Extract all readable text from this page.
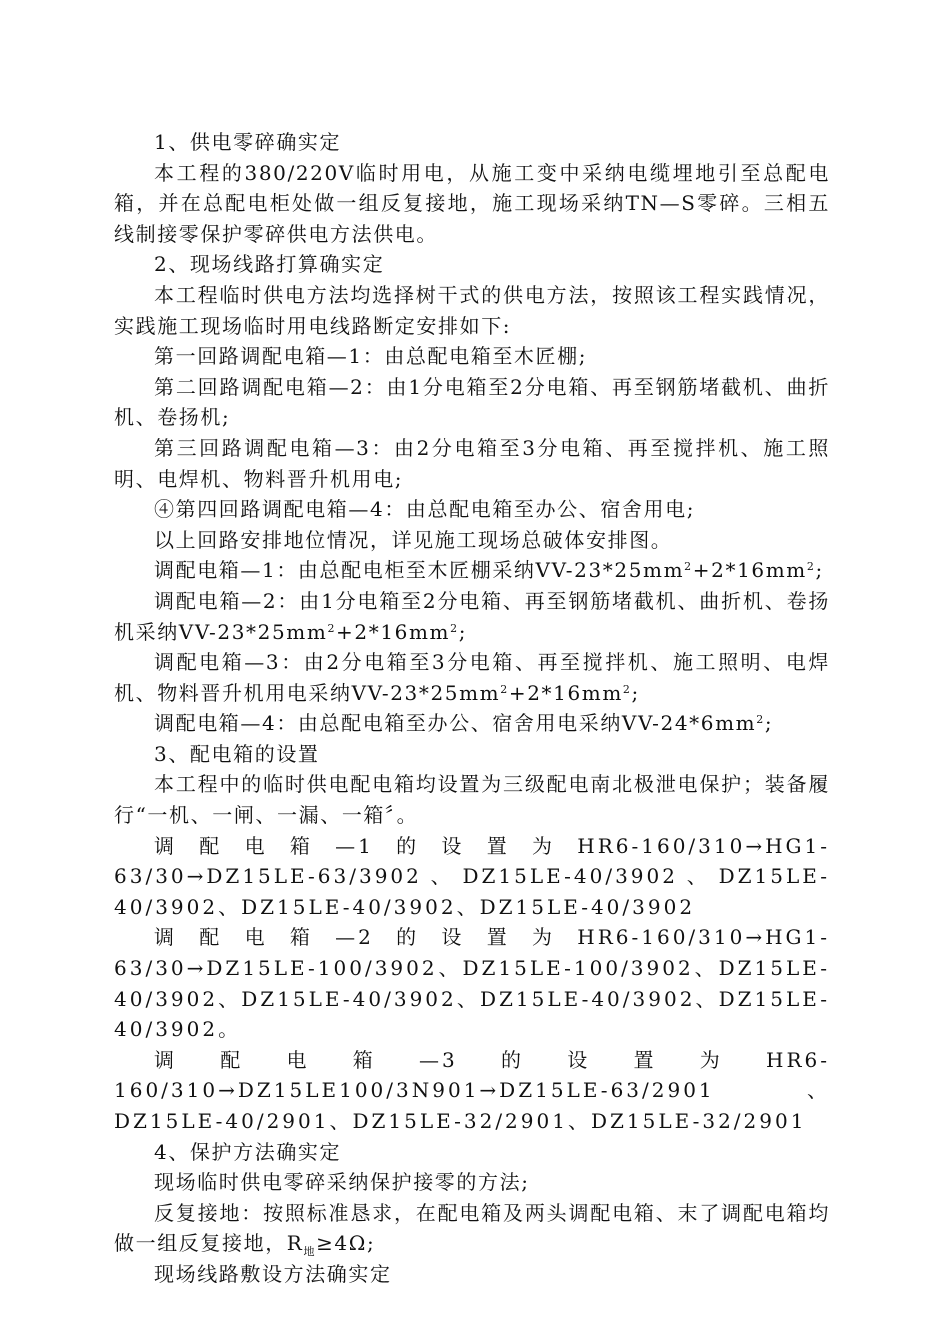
1、供电零碎确实定

本工程的380/220V临时用电，从施工变中采纳电缆埋地引至总配电箱，并在总配电柜处做一组反复接地，施工现场采纳TN—S零碎。三相五线制接零保护零碎供电方法供电。

2、现场线路打算确实定

本工程临时供电方法均选择树干式的供电方法，按照该工程实践情况，实践施工现场临时用电线路断定安排如下:

第一回路调配电箱—1：由总配电箱至木匠棚;

第二回路调配电箱—2：由1分电箱至2分电箱、再至钢筋堵截机、曲折机、卷扬机;

第三回路调配电箱—3：由2分电箱至3分电箱、再至搅拌机、施工照明、电焊机、物料晋升机用电;

④第四回路调配电箱—4：由总配电箱至办公、宿舍用电;

以上回路安排地位情况，详见施工现场总破体安排图。

调配电箱—1：由总配电柜至木匠棚采纳$VV-23*25mm^2+2*16mm^2$;

调配电箱—2：由1分电箱至2分电箱、再至钢筋堵截机、曲折机、卷扬机采纳$VV-23*25mm^2+2*16mm^2$;

调配电箱—3：由2分电箱至3分电箱、再至搅拌机、施工照明、电焊机、物料晋升机用电采纳$VV-23*25mm^2+2*16mm^2$;

调配电箱—4：由总配电箱至办公、宿舍用电采纳$VV-24*6mm^2$;

3、配电箱的设置

本工程中的临时供电配电箱均设置为三级配电南北极泄电保护；装备履行“一机、一闸、一漏、一箱〞。

调配电箱—1的设置为HR6-160/310→HG1-63/30→DZ15LE-63/3902、DZ15LE-40/3902、DZ15LE-40/3902、DZ15LE-40/3902、DZ15LE-40/3902

调配电箱—2的设置为HR6-160/310→HG1-63/30→DZ15LE-100/3902、DZ15LE-100/3902、DZ15LE-40/3902、DZ15LE-40/3902、DZ15LE-40/3902、DZ15LE-40/3902。

调配电箱—3的设置为HR6-160/310→DZ15LE100/3N901→DZ15LE-63/2901、DZ15LE-40/2901、DZ15LE-32/2901、DZ15LE-32/2901

4、保护方法确实定

现场临时供电零碎采纳保护接零的方法;

反复接地：按照标准恳求，在配电箱及两头调配电箱、末了调配电箱均做一组反复接地，$R_地\ge 4\Omega$;

现场线路敷设方法确实定
